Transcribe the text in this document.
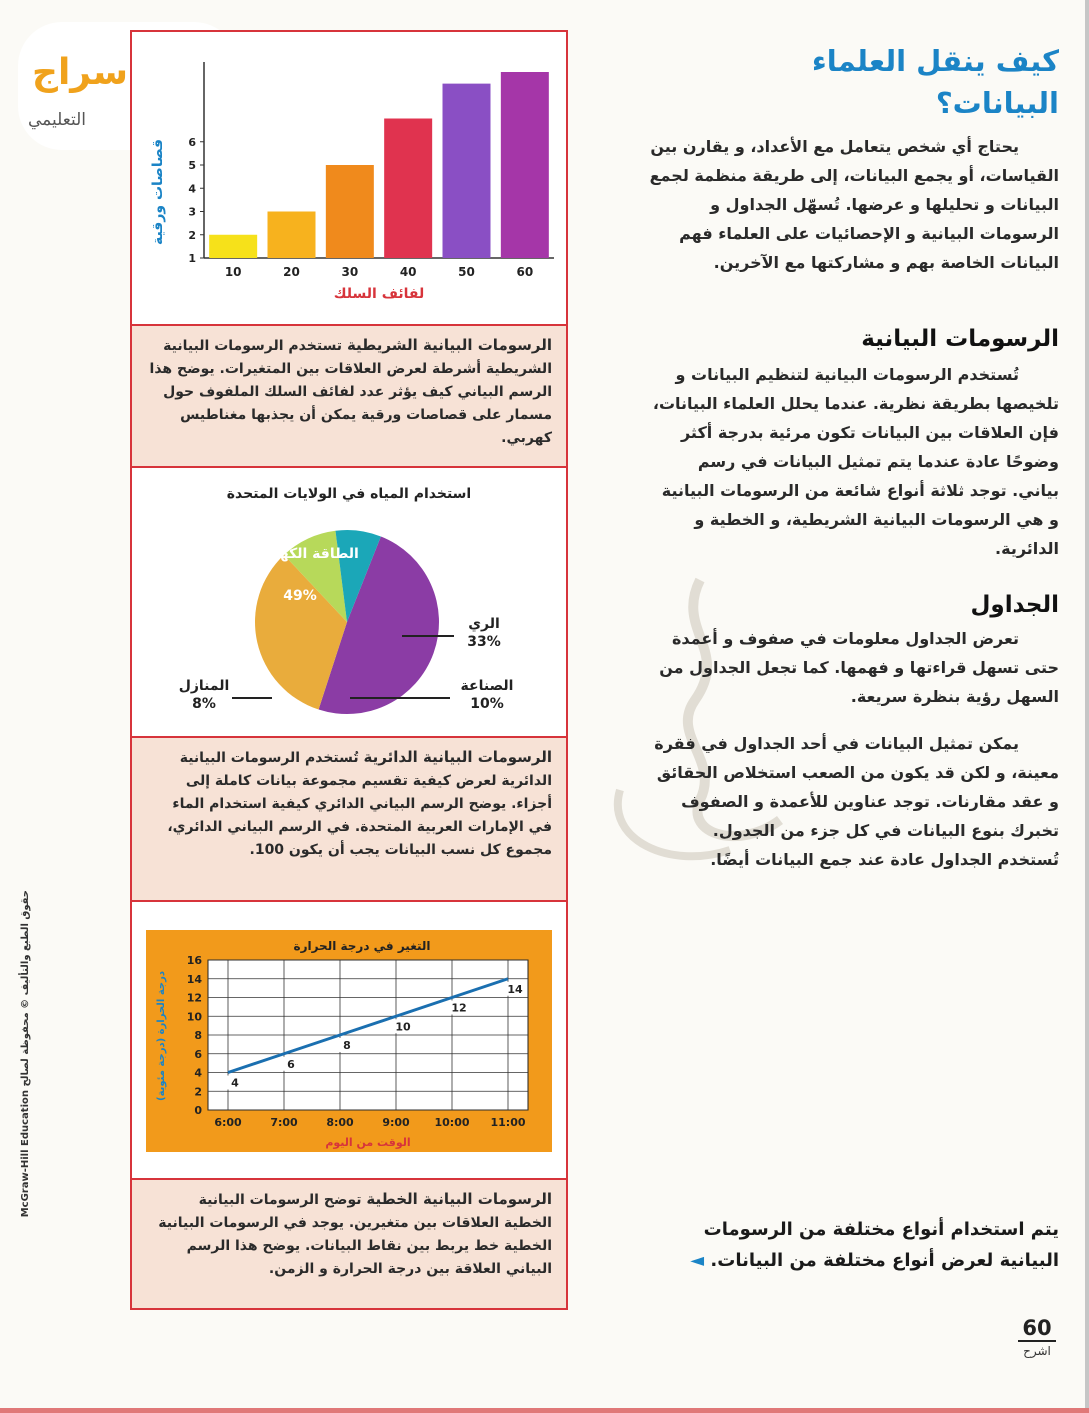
سراج
التعليمي
حقوق الطبع والتأليف © محفوظة لصالح McGraw-Hill Education
1
2
3
4
5
6
10	20	30	40	50	60
لفائف السلك
قصاصات ورقية
الرسومات البيانية الشريطية تستخدم الرسومات البيانية الشريطية أشرطة لعرض العلاقات بين المتغيرات. يوضح هذا الرسم البياني كيف يؤثر عدد لفائف السلك الملفوف حول مسمار على قصاصات ورقية يمكن أن يجذبها مغناطيس كهربي.
استخدام المياه في الولايات المتحدة
الطاقة الكهربائية
49%
الري
33%
الصناعة
10%
المنازل
8%
الرسومات البيانية الدائرية تُستخدم الرسومات البيانية الدائرية لعرض كيفية تقسيم مجموعة بيانات كاملة إلى أجزاء. يوضح الرسم البياني الدائري كيفية استخدام الماء في الإمارات العربية المتحدة. في الرسم البياني الدائري، مجموع كل نسب البيانات يجب أن يكون 100.
التغير في درجة الحرارة
0
2
4
6
8
10
12
14
16
6:00	7:00	8:00	9:00 10:00 11:00
4
6
8
10
12
14
الوقت من اليوم
درجة الحرارة (درجة مئوية)
الرسومات البيانية الخطية توضح الرسومات البيانية الخطية العلاقات بين متغيرين. يوجد في الرسومات البيانية الخطية خط يربط بين نقاط البيانات. يوضح هذا الرسم البياني العلاقة بين درجة الحرارة و الزمن.
كيف ينقل العلماء البيانات؟

يحتاج أي شخص يتعامل مع الأعداد، و يقارن بين القياسات، أو يجمع البيانات، إلى طريقة منظمة لجمع البيانات و تحليلها و عرضها. تُسهّل الجداول و الرسومات البيانية و الإحصائيات على العلماء فهم البيانات الخاصة بهم و مشاركتها مع الآخرين.

الرسومات البيانية

تُستخدم الرسومات البيانية لتنظيم البيانات و تلخيصها بطريقة نظرية. عندما يحلل العلماء البيانات، فإن العلاقات بين البيانات تكون مرئية بدرجة أكثر وضوحًا عادة عندما يتم تمثيل البيانات في رسم بياني. توجد ثلاثة أنواع شائعة من الرسومات البيانية و هي الرسومات البيانية الشريطية، و الخطية و الدائرية.

الجداول

تعرض الجداول معلومات في صفوف و أعمدة حتى تسهل قراءتها و فهمها. كما تجعل الجداول من السهل رؤية بنظرة سريعة.

يمكن تمثيل البيانات في أحد الجداول في فقرة معينة، و لكن قد يكون من الصعب استخلاص الحقائق و عقد مقارنات. توجد عناوين للأعمدة و الصفوف تخبرك بنوع البيانات في كل جزء من الجدول. تُستخدم الجداول عادة عند جمع البيانات أيضًا.

يتم استخدام أنواع مختلفة من الرسومات البيانية لعرض أنواع مختلفة من البيانات. ◄
60
اشرح
